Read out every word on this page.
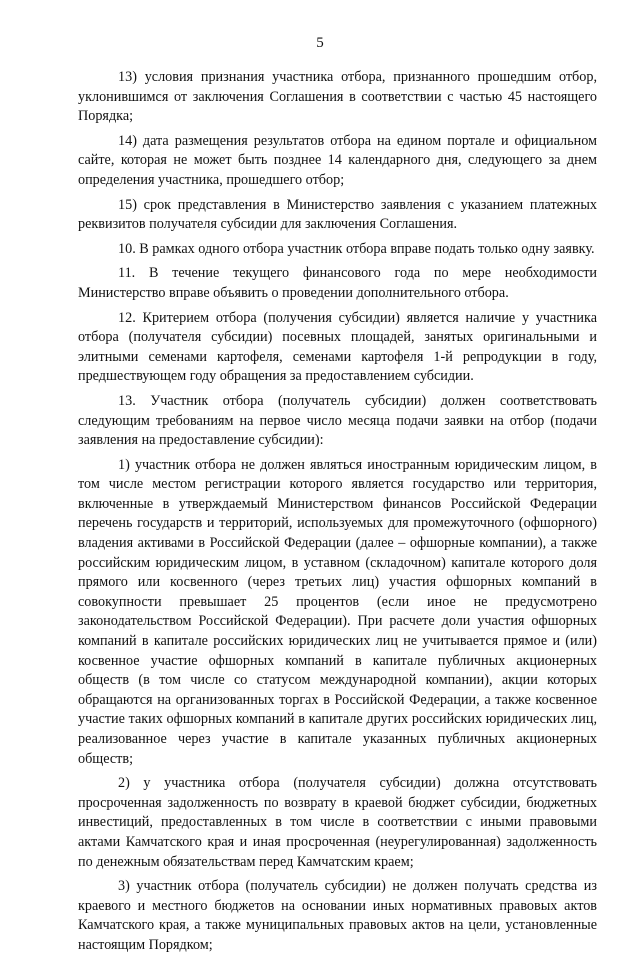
5

13) условия признания участника отбора, признанного прошедшим отбор, уклонившимся от заключения Соглашения в соответствии с частью 45 настоящего Порядка;

14) дата размещения результатов отбора на едином портале и официальном сайте, которая не может быть позднее 14 календарного дня, следующего за днем определения участника, прошедшего отбор;

15) срок представления в Министерство заявления с указанием платежных реквизитов получателя субсидии для заключения Соглашения.

10. В рамках одного отбора участник отбора вправе подать только одну заявку.

11. В течение текущего финансового года по мере необходимости Министерство вправе объявить о проведении дополнительного отбора.

12. Критерием отбора (получения субсидии) является наличие у участника отбора (получателя субсидии) посевных площадей, занятых оригинальными и элитными семенами картофеля, семенами картофеля 1-й репродукции в году, предшествующем году обращения за предоставлением субсидии.

13. Участник отбора (получатель субсидии) должен соответствовать следующим требованиям на первое число месяца подачи заявки на отбор (подачи заявления на предоставление субсидии):

1) участник отбора не должен являться иностранным юридическим лицом, в том числе местом регистрации которого является государство или территория, включенные в утверждаемый Министерством финансов Российской Федерации перечень государств и территорий, используемых для промежуточного (офшорного) владения активами в Российской Федерации (далее – офшорные компании), а также российским юридическим лицом, в уставном (складочном) капитале которого доля прямого или косвенного (через третьих лиц) участия офшорных компаний в совокупности превышает 25 процентов (если иное не предусмотрено законодательством Российской Федерации). При расчете доли участия офшорных компаний в капитале российских юридических лиц не учитывается прямое и (или) косвенное участие офшорных компаний в капитале публичных акционерных обществ (в том числе со статусом международной компании), акции которых обращаются на организованных торгах в Российской Федерации, а также косвенное участие таких офшорных компаний в капитале других российских юридических лиц, реализованное через участие в капитале указанных публичных акционерных обществ;

2) у участника отбора (получателя субсидии) должна отсутствовать просроченная задолженность по возврату в краевой бюджет субсидии, бюджетных инвестиций, предоставленных в том числе в соответствии с иными правовыми актами Камчатского края и иная просроченная (неурегулированная) задолженность по денежным обязательствам перед Камчатским краем;

3) участник отбора (получатель субсидии) не должен получать средства из краевого и местного бюджетов на основании иных нормативных правовых актов Камчатского края, а также муниципальных правовых актов на цели, установленные настоящим Порядком;
